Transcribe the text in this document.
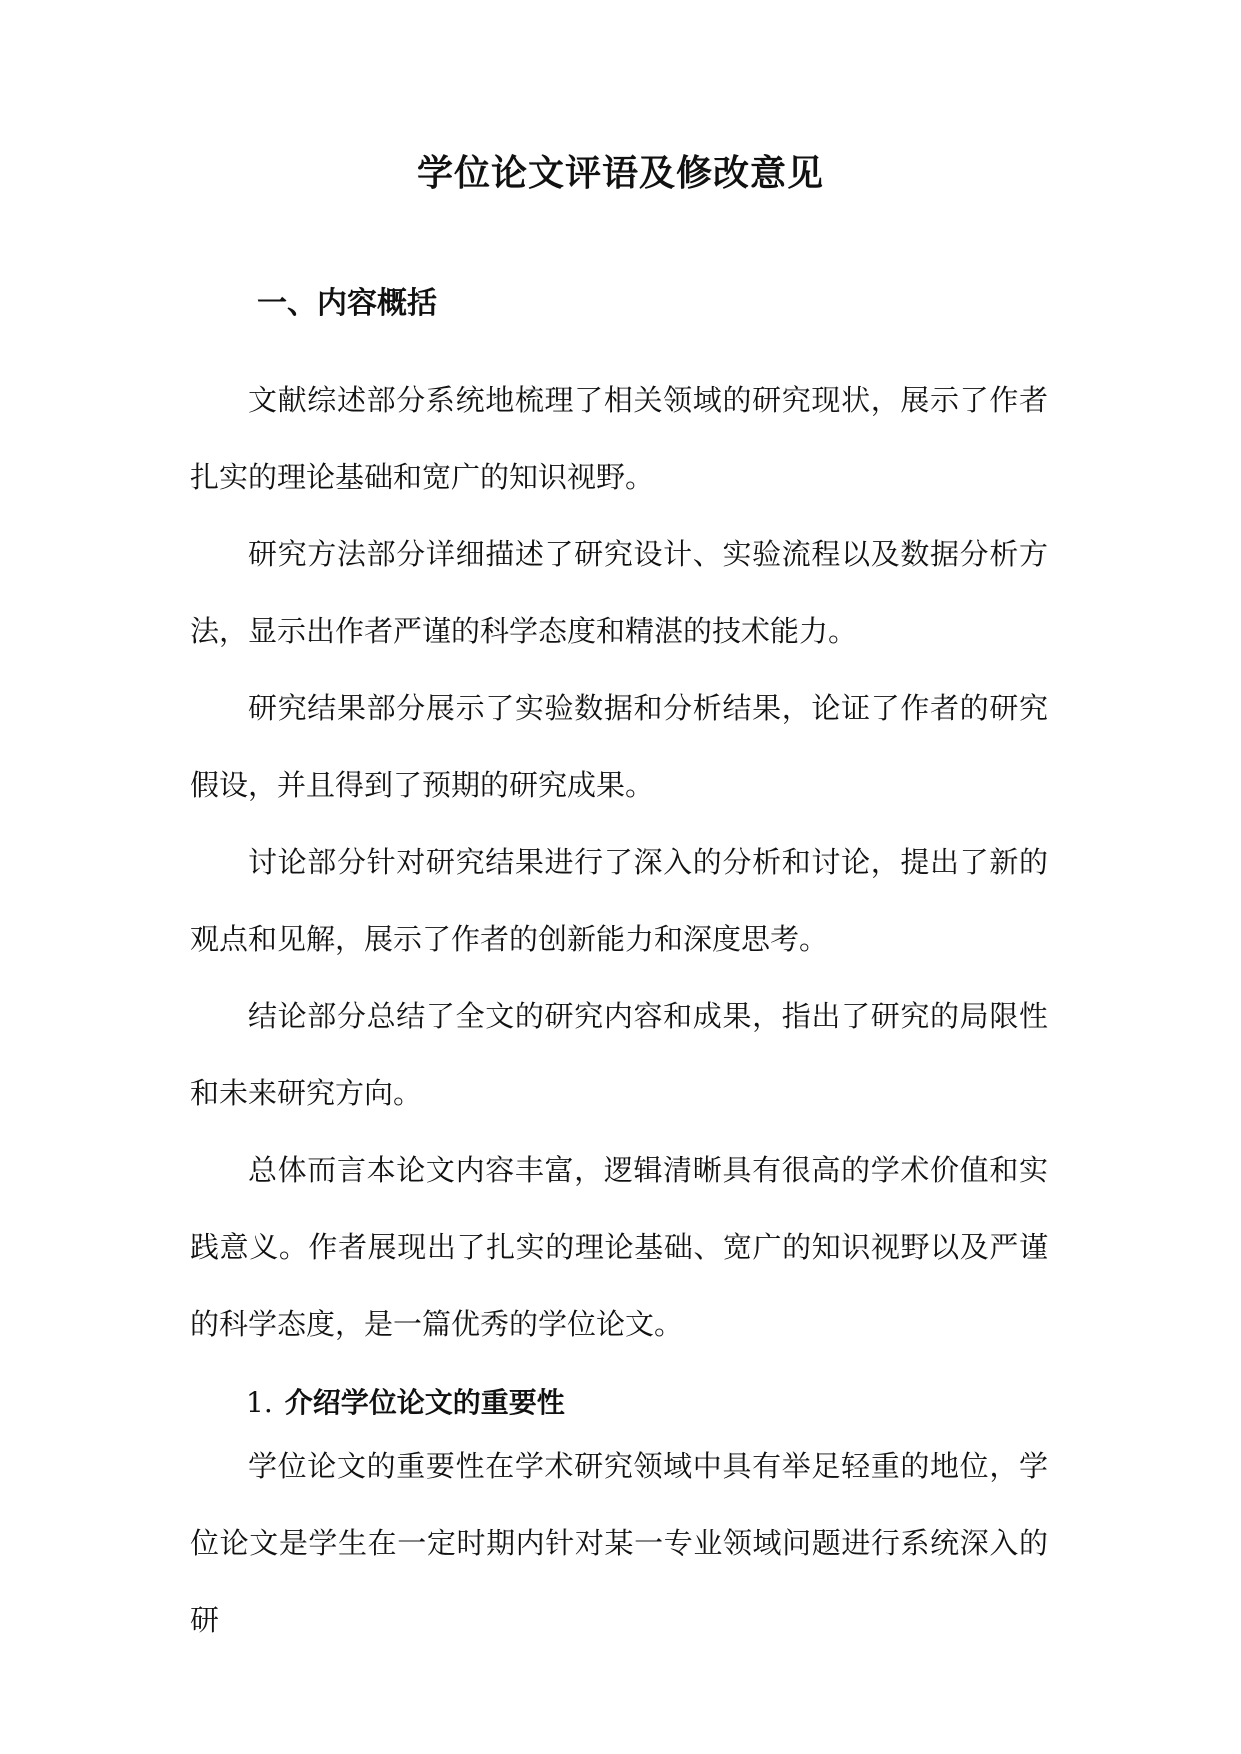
学位论文评语及修改意见
一、内容概括

文献综述部分系统地梳理了相关领域的研究现状，展示了作者扎实的理论基础和宽广的知识视野。

研究方法部分详细描述了研究设计、实验流程以及数据分析方法，显示出作者严谨的科学态度和精湛的技术能力。

研究结果部分展示了实验数据和分析结果，论证了作者的研究假设，并且得到了预期的研究成果。

讨论部分针对研究结果进行了深入的分析和讨论，提出了新的观点和见解，展示了作者的创新能力和深度思考。

结论部分总结了全文的研究内容和成果，指出了研究的局限性和未来研究方向。

总体而言本论文内容丰富，逻辑清晰具有很高的学术价值和实践意义。作者展现出了扎实的理论基础、宽广的知识视野以及严谨的科学态度，是一篇优秀的学位论文。

1. 介绍学位论文的重要性

学位论文的重要性在学术研究领域中具有举足轻重的地位，学位论文是学生在一定时期内针对某一专业领域问题进行系统深入的研
